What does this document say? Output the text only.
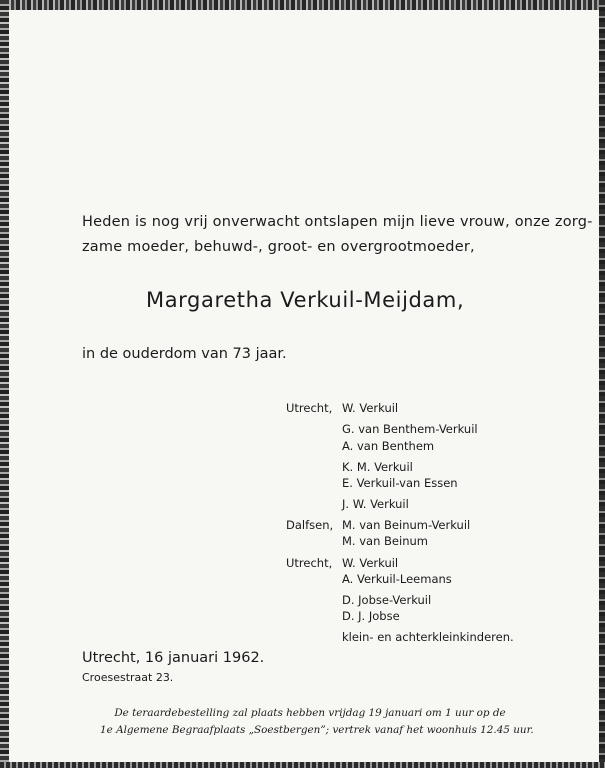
Heden is nog vrij onverwacht ontslapen mijn lieve vrouw, onze zorg-
zame moeder, behuwd-, groot- en overgrootmoeder,

Margaretha Verkuil-Meijdam,

in de ouderdom van 73 jaar.

Utrecht, W. Verkuil
G. van Benthem-Verkuil
A. van Benthem
K. M. Verkuil
E. Verkuil-van Essen
J. W. Verkuil
Dalfsen, M. van Beinum-Verkuil
M. van Beinum
Utrecht, W. Verkuil
A. Verkuil-Leemans
D. Jobse-Verkuil
D. J. Jobse
klein- en achterkleinkinderen.

Utrecht, 16 januari 1962.

Croesestraat 23.

De teraardebestelling zal plaats hebben vrijdag 19 januari om 1 uur op de
1e Algemene Begraafplaats „Soestbergen”; vertrek vanaf het woonhuis 12.45 uur.
